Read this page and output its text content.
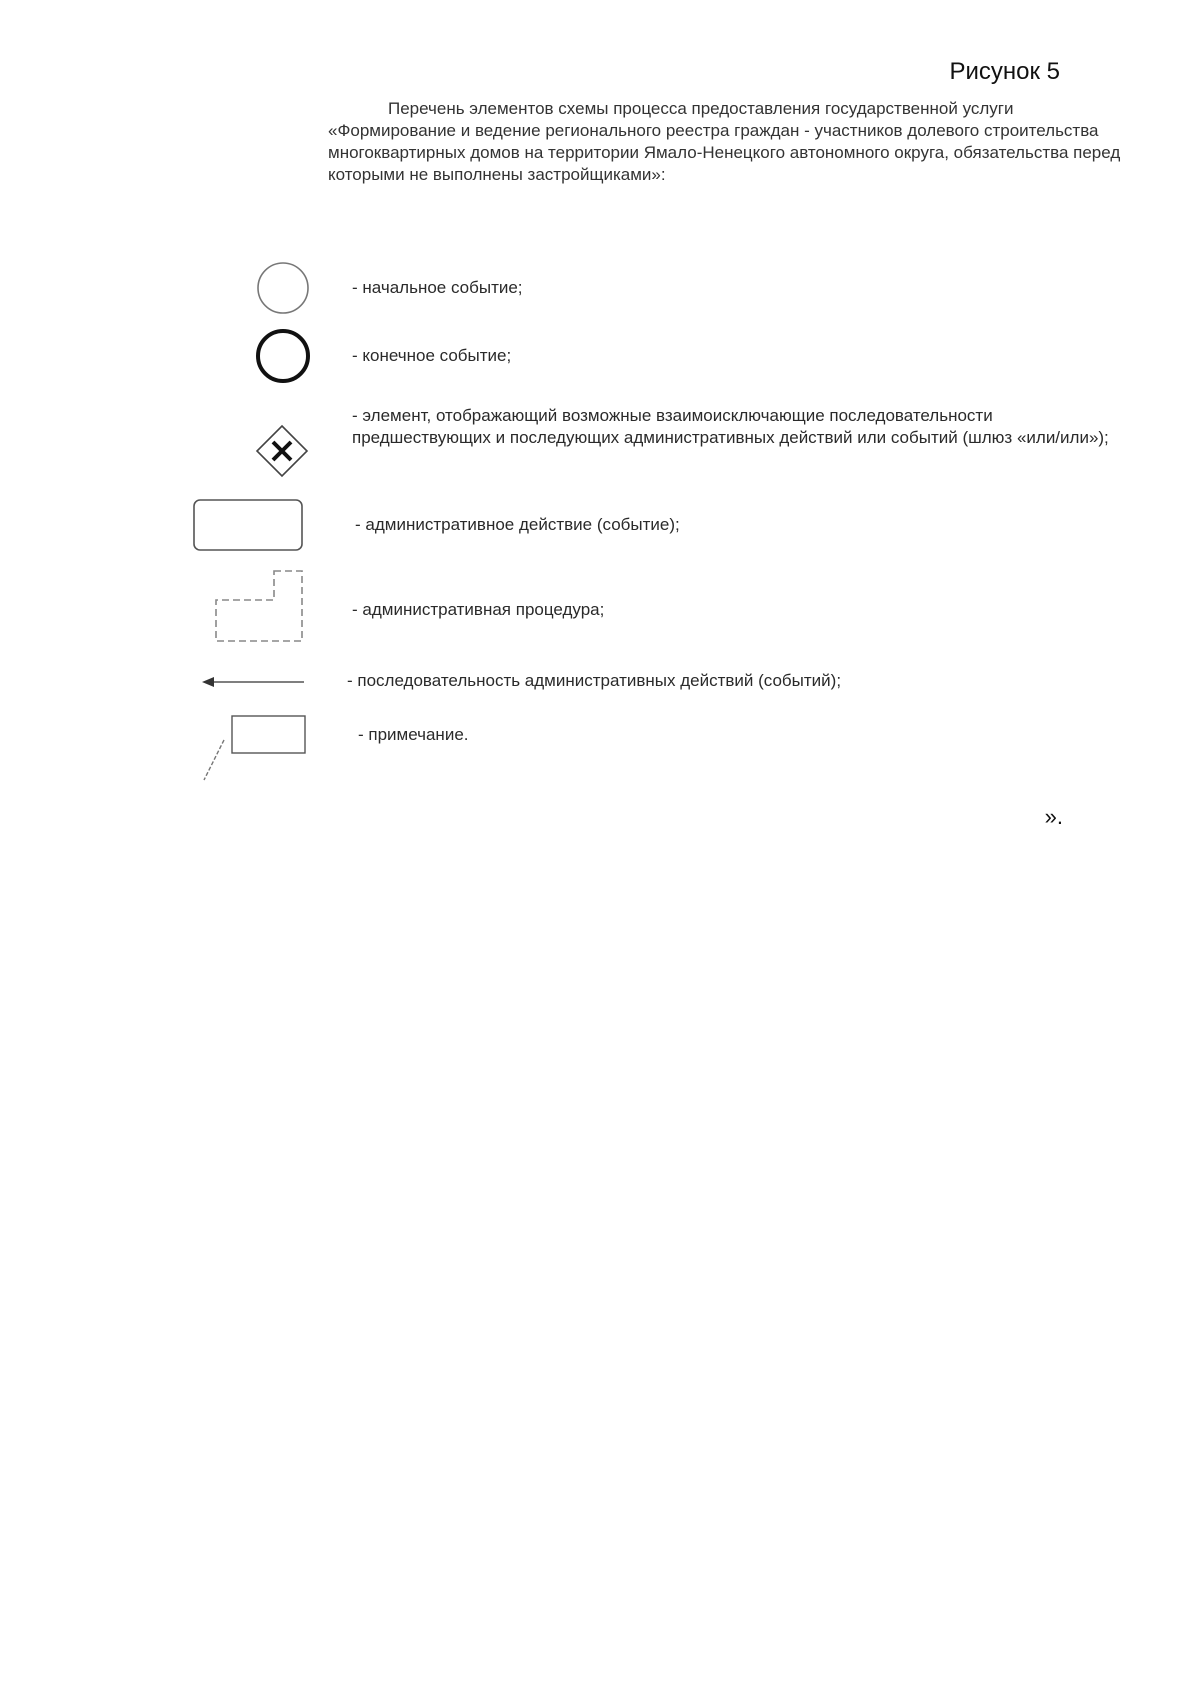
Рисунок 5

Перечень элементов схемы процесса предоставления государственной услуги «Формирование и ведение регионального реестра граждан - участников долевого строительства многоквартирных домов на территории Ямало-Ненецкого автономного округа, обязательства перед которыми не выполнены застройщиками»:

- начальное событие;

- конечное событие;

- элемент, отображающий возможные взаимоисключающие последовательности предшествующих и последующих административных действий или событий (шлюз «или/или»);

- административное действие (событие);

- административная процедура;

- последовательность административных действий (событий);

- примечание.

».
